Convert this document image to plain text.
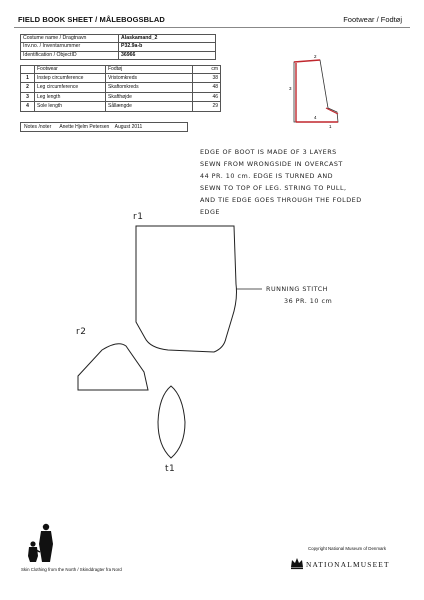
FIELD BOOK SHEET / MÅLEBOGSBLAD	Footwear / Fodtøj
Costume name / Dragtnavn	Alaskamand_2
Inv.no. / Inventarnummer	P32.9a-b
Identification / ObjectID	36966
	Footwear	Fodtøj	cm
1	Instep circumference	Vristomkreds	38
2	Leg circumference	Skaftomkreds	48
3	Leg length	Skafthøjde	46
4	Sole length	Sållængde	29
Notes /noter Anette Hjelm Petersen August 2011
2
3
4
1
EDGE OF BOOT IS MADE OF 3 LAYERS
SEWN FROM WRONGSIDE IN OVERCAST
44 PR. 10 cm. EDGE IS TURNED AND
SEWN TO TOP OF LEG. STRING TO PULL,
AND TIE EDGE GOES THROUGH THE FOLDED
EDGE
r1
r2
t1
RUNNING STITCH
36 PR. 10 cm
Skin Clothing from the North / Skinddragter fra Nord
Copyright National Museum of Denmark
NATIONALMUSEET
